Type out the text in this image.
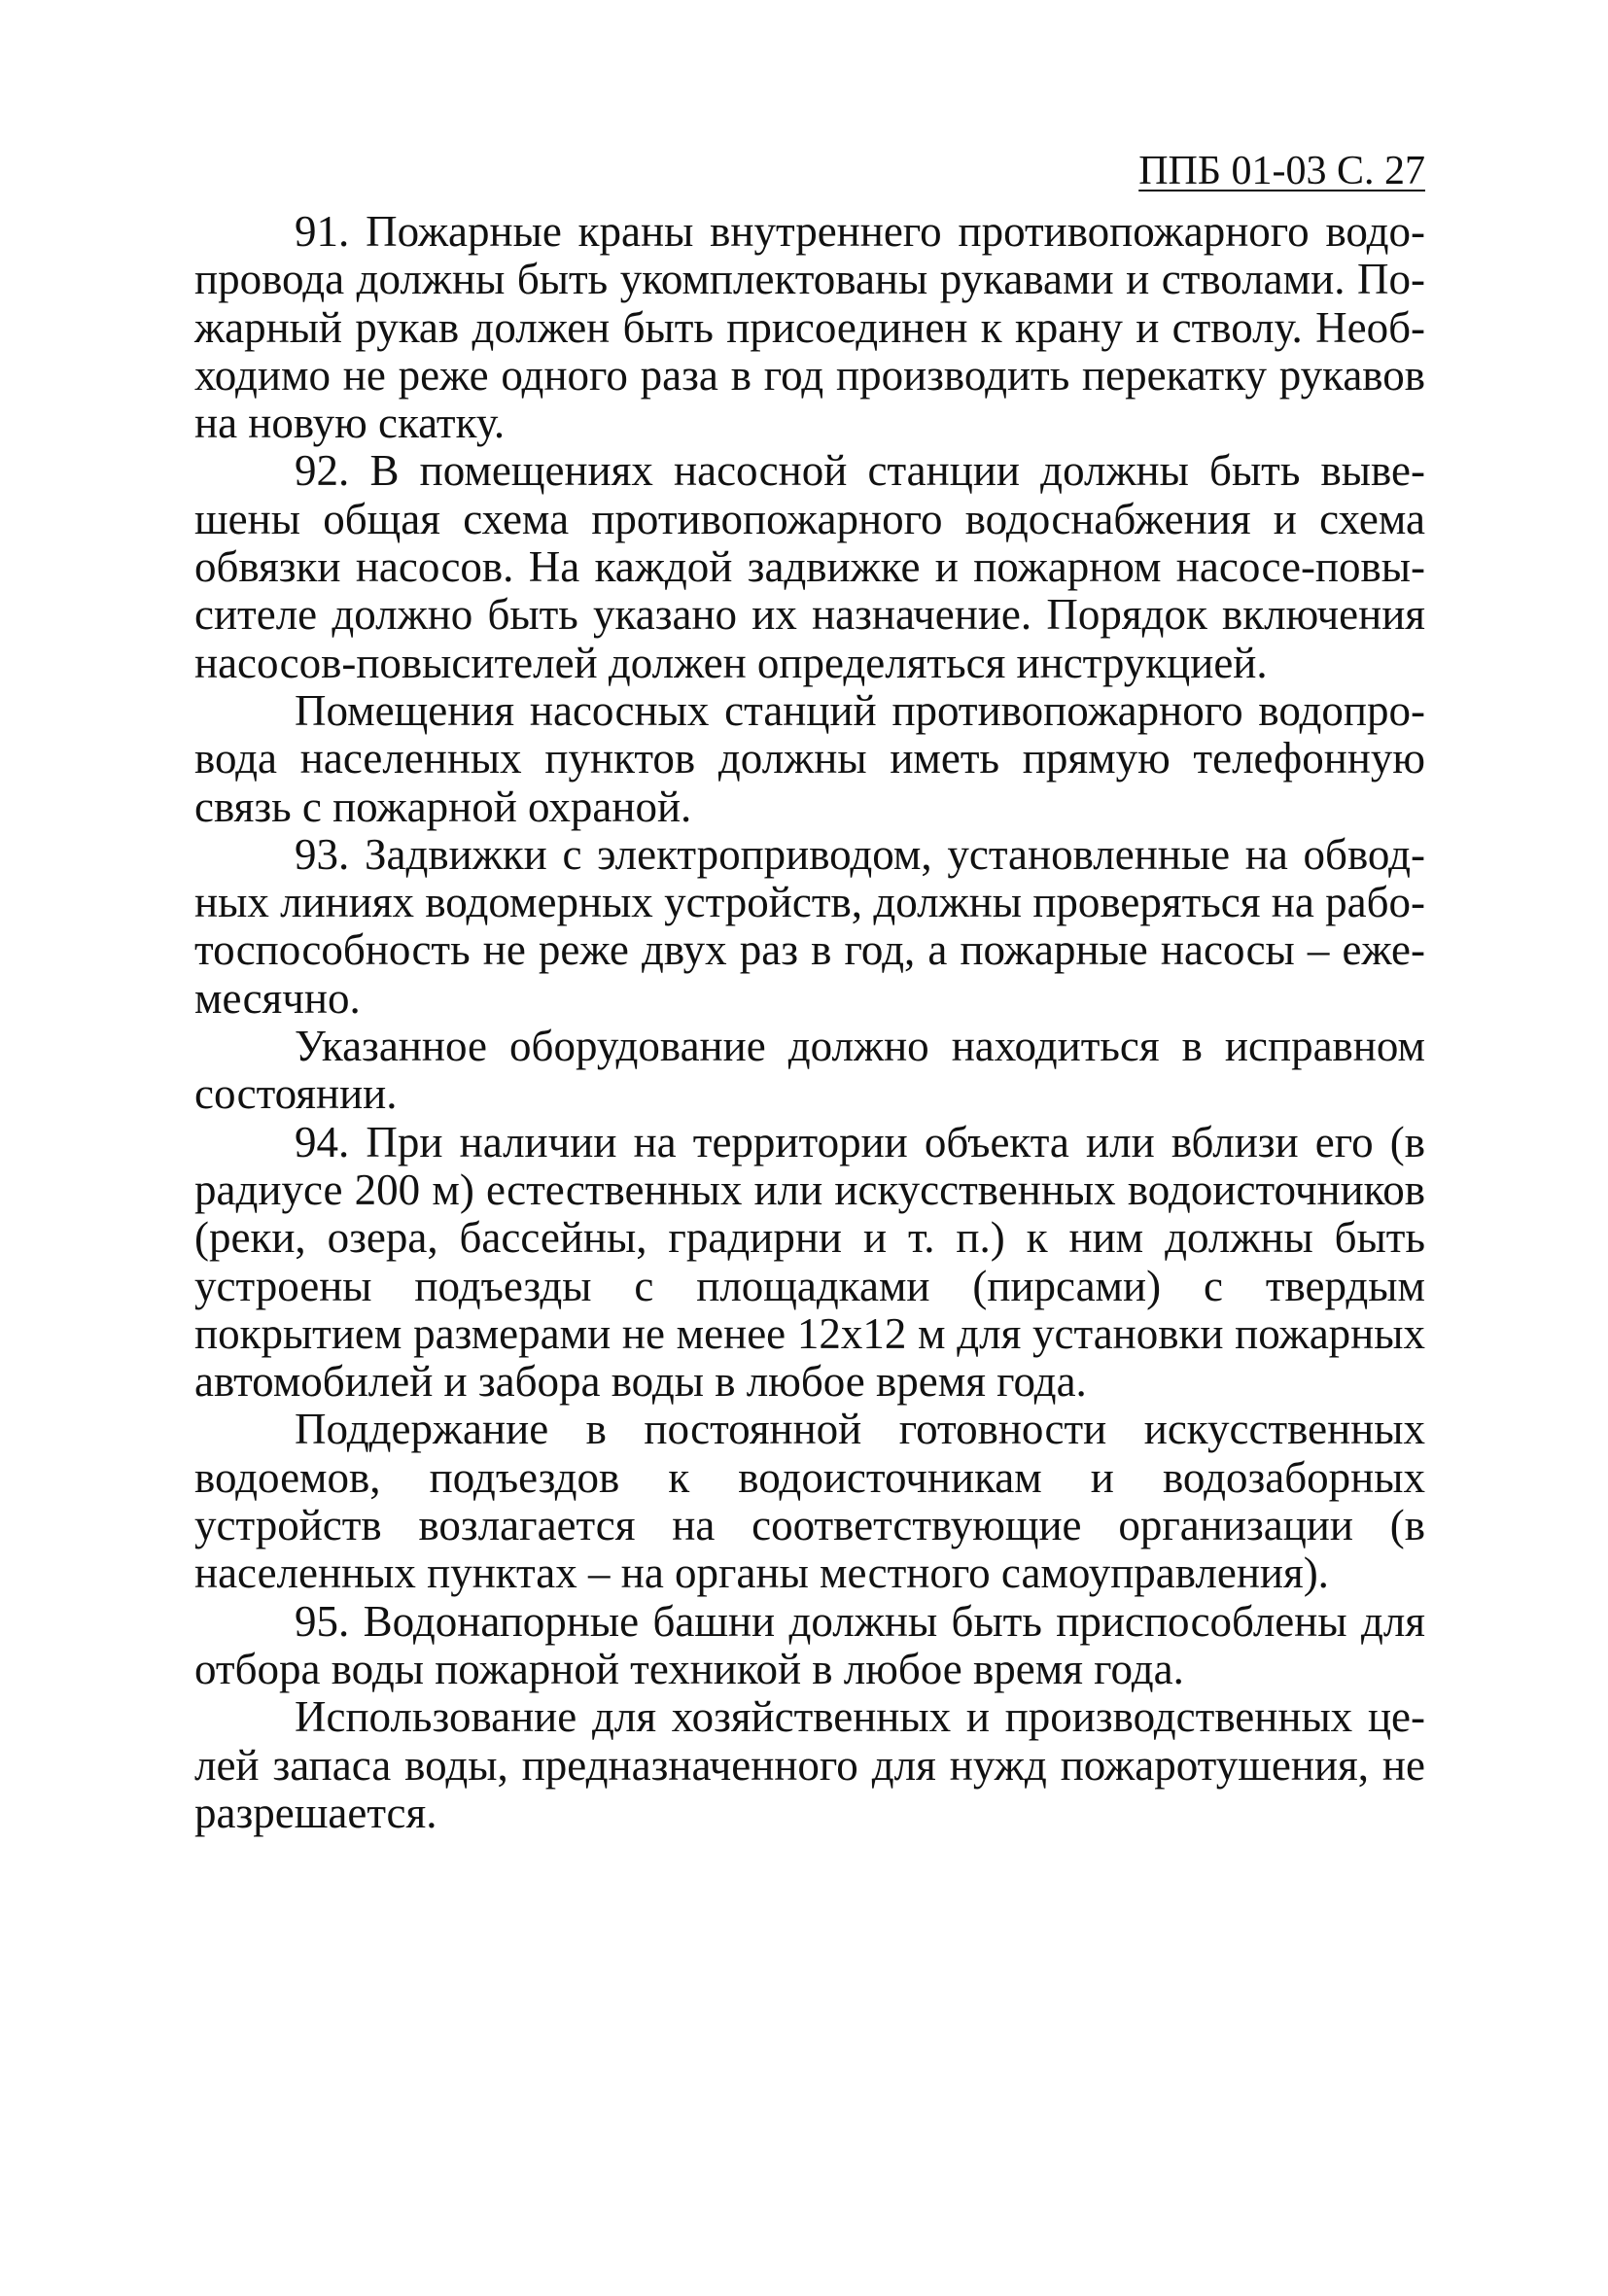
ППБ 01-03 С. 27

91. Пожарные краны внутреннего противопожарного водопровода должны быть укомплектованы рукавами и стволами. Пожарный рукав должен быть присоединен к крану и стволу. Необходимо не реже одного раза в год производить перекатку рукавов на новую скатку.

92. В помещениях насосной станции должны быть вывешены общая схема противопожарного водоснабжения и схема обвязки насосов. На каждой задвижке и пожарном насосе-повысителе должно быть указано их назначение. Порядок включения насосов-повысителей должен определяться инструкцией.

Помещения насосных станций противопожарного водопровода населенных пунктов должны иметь прямую телефонную связь с пожарной охраной.

93. Задвижки с электроприводом, установленные на обводных линиях водомерных устройств, должны проверяться на работоспособность не реже двух раз в год, а пожарные насосы – ежемесячно.

Указанное оборудование должно находиться в исправном состоянии.

94. При наличии на территории объекта или вблизи его (в радиусе 200 м) естественных или искусственных водоисточников (реки, озера, бассейны, градирни и т. п.) к ним должны быть устроены подъезды с площадками (пирсами) с твердым покрытием размерами не менее 12х12 м для установки пожарных автомобилей и забора воды в любое время года.

Поддержание в постоянной готовности искусственных водоемов, подъездов к водоисточникам и водозаборных устройств возлагается на соответствующие организации (в населенных пунктах – на органы местного самоуправления).

95. Водонапорные башни должны быть приспособлены для отбора воды пожарной техникой в любое время года.

Использование для хозяйственных и производственных целей запаса воды, предназначенного для нужд пожаротушения, не разрешается.
